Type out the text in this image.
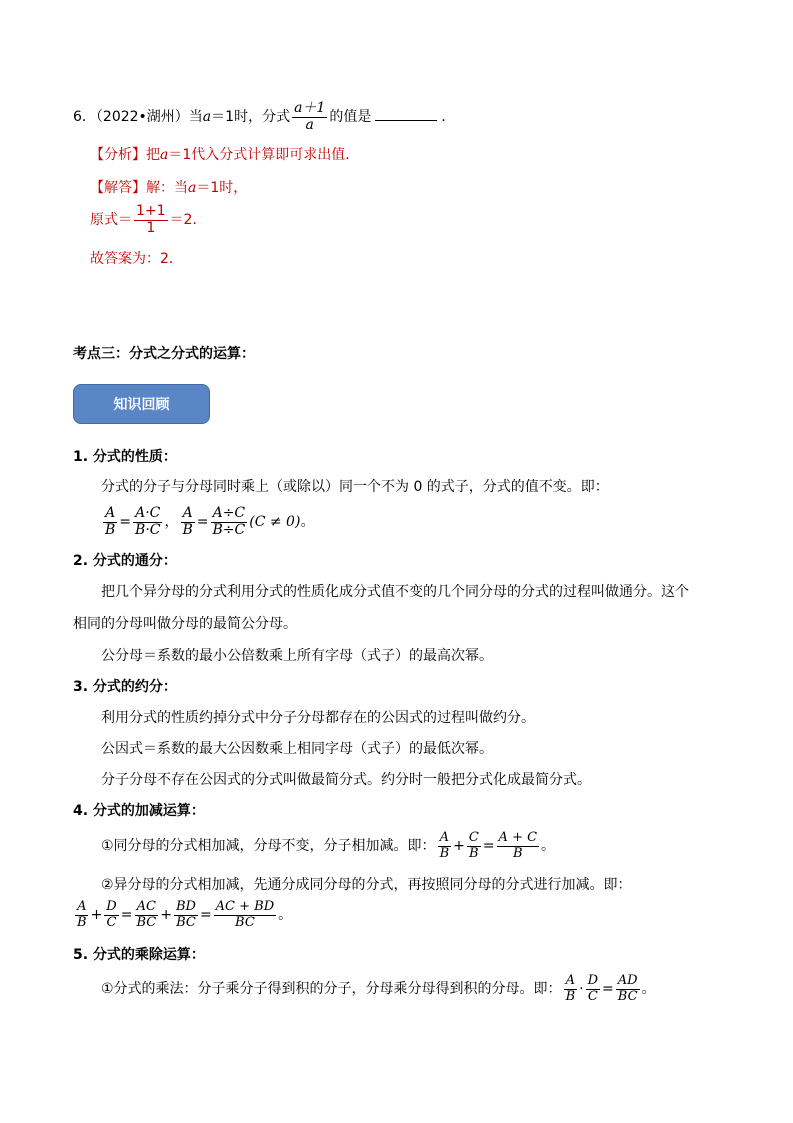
6．（2022•湖州）当a＝1时，分式 $\frac{a+1}{a}$ 的值是	．
【分析】把a＝1代入分式计算即可求出值．
【解答】解：当a＝1时，
原式＝ $\frac{1+1}{1} =2$．
故答案为：2．
考点三：分式之分式的运算：
知识回顾
1. 分式的性质：
分式的分子与分母同时乘上（或除以）同一个不为 0 的式子，分式的值不变。即：
$\frac{A}{B} = \frac{A\cdot C}{B\cdot C}$ ， $\frac{A}{B} = \frac{A\div C}{B\div C} (C \ne 0)$。
2. 分式的通分：
把几个异分母的分式利用分式的性质化成分式值不变的几个同分母的分式的过程叫做通分。这个
相同的分母叫做分母的最简公分母。
公分母＝系数的最小公倍数乘上所有字母（式子）的最高次幂。
3. 分式的约分：
利用分式的性质约掉分式中分子分母都存在的公因式的过程叫做约分。
公因式＝系数的最大公因数乘上相同字母（式子）的最低次幂。
分子分母不存在公因式的分式叫做最简分式。约分时一般把分式化成最简分式。
4. 分式的加减运算：
①同分母的分式相加减，分母不变，分子相加减。即： $\frac{A}{B} + \frac{C}{B} = \frac{A + C}{B}$ 。
②异分母的分式相加减，先通分成同分母的分式，再按照同分母的分式进行加减。即：
$\frac{A}{B} + \frac{D}{C} = \frac{AC}{BC} + \frac{BD}{BC} = \frac{AC + BD}{BC}$ 。
5. 分式的乘除运算：
①分式的乘法：分子乘分子得到积的分子，分母乘分母得到积的分母。即： $\frac{A}{B} \cdot \frac{D}{C} = \frac{AD}{BC}$ 。
